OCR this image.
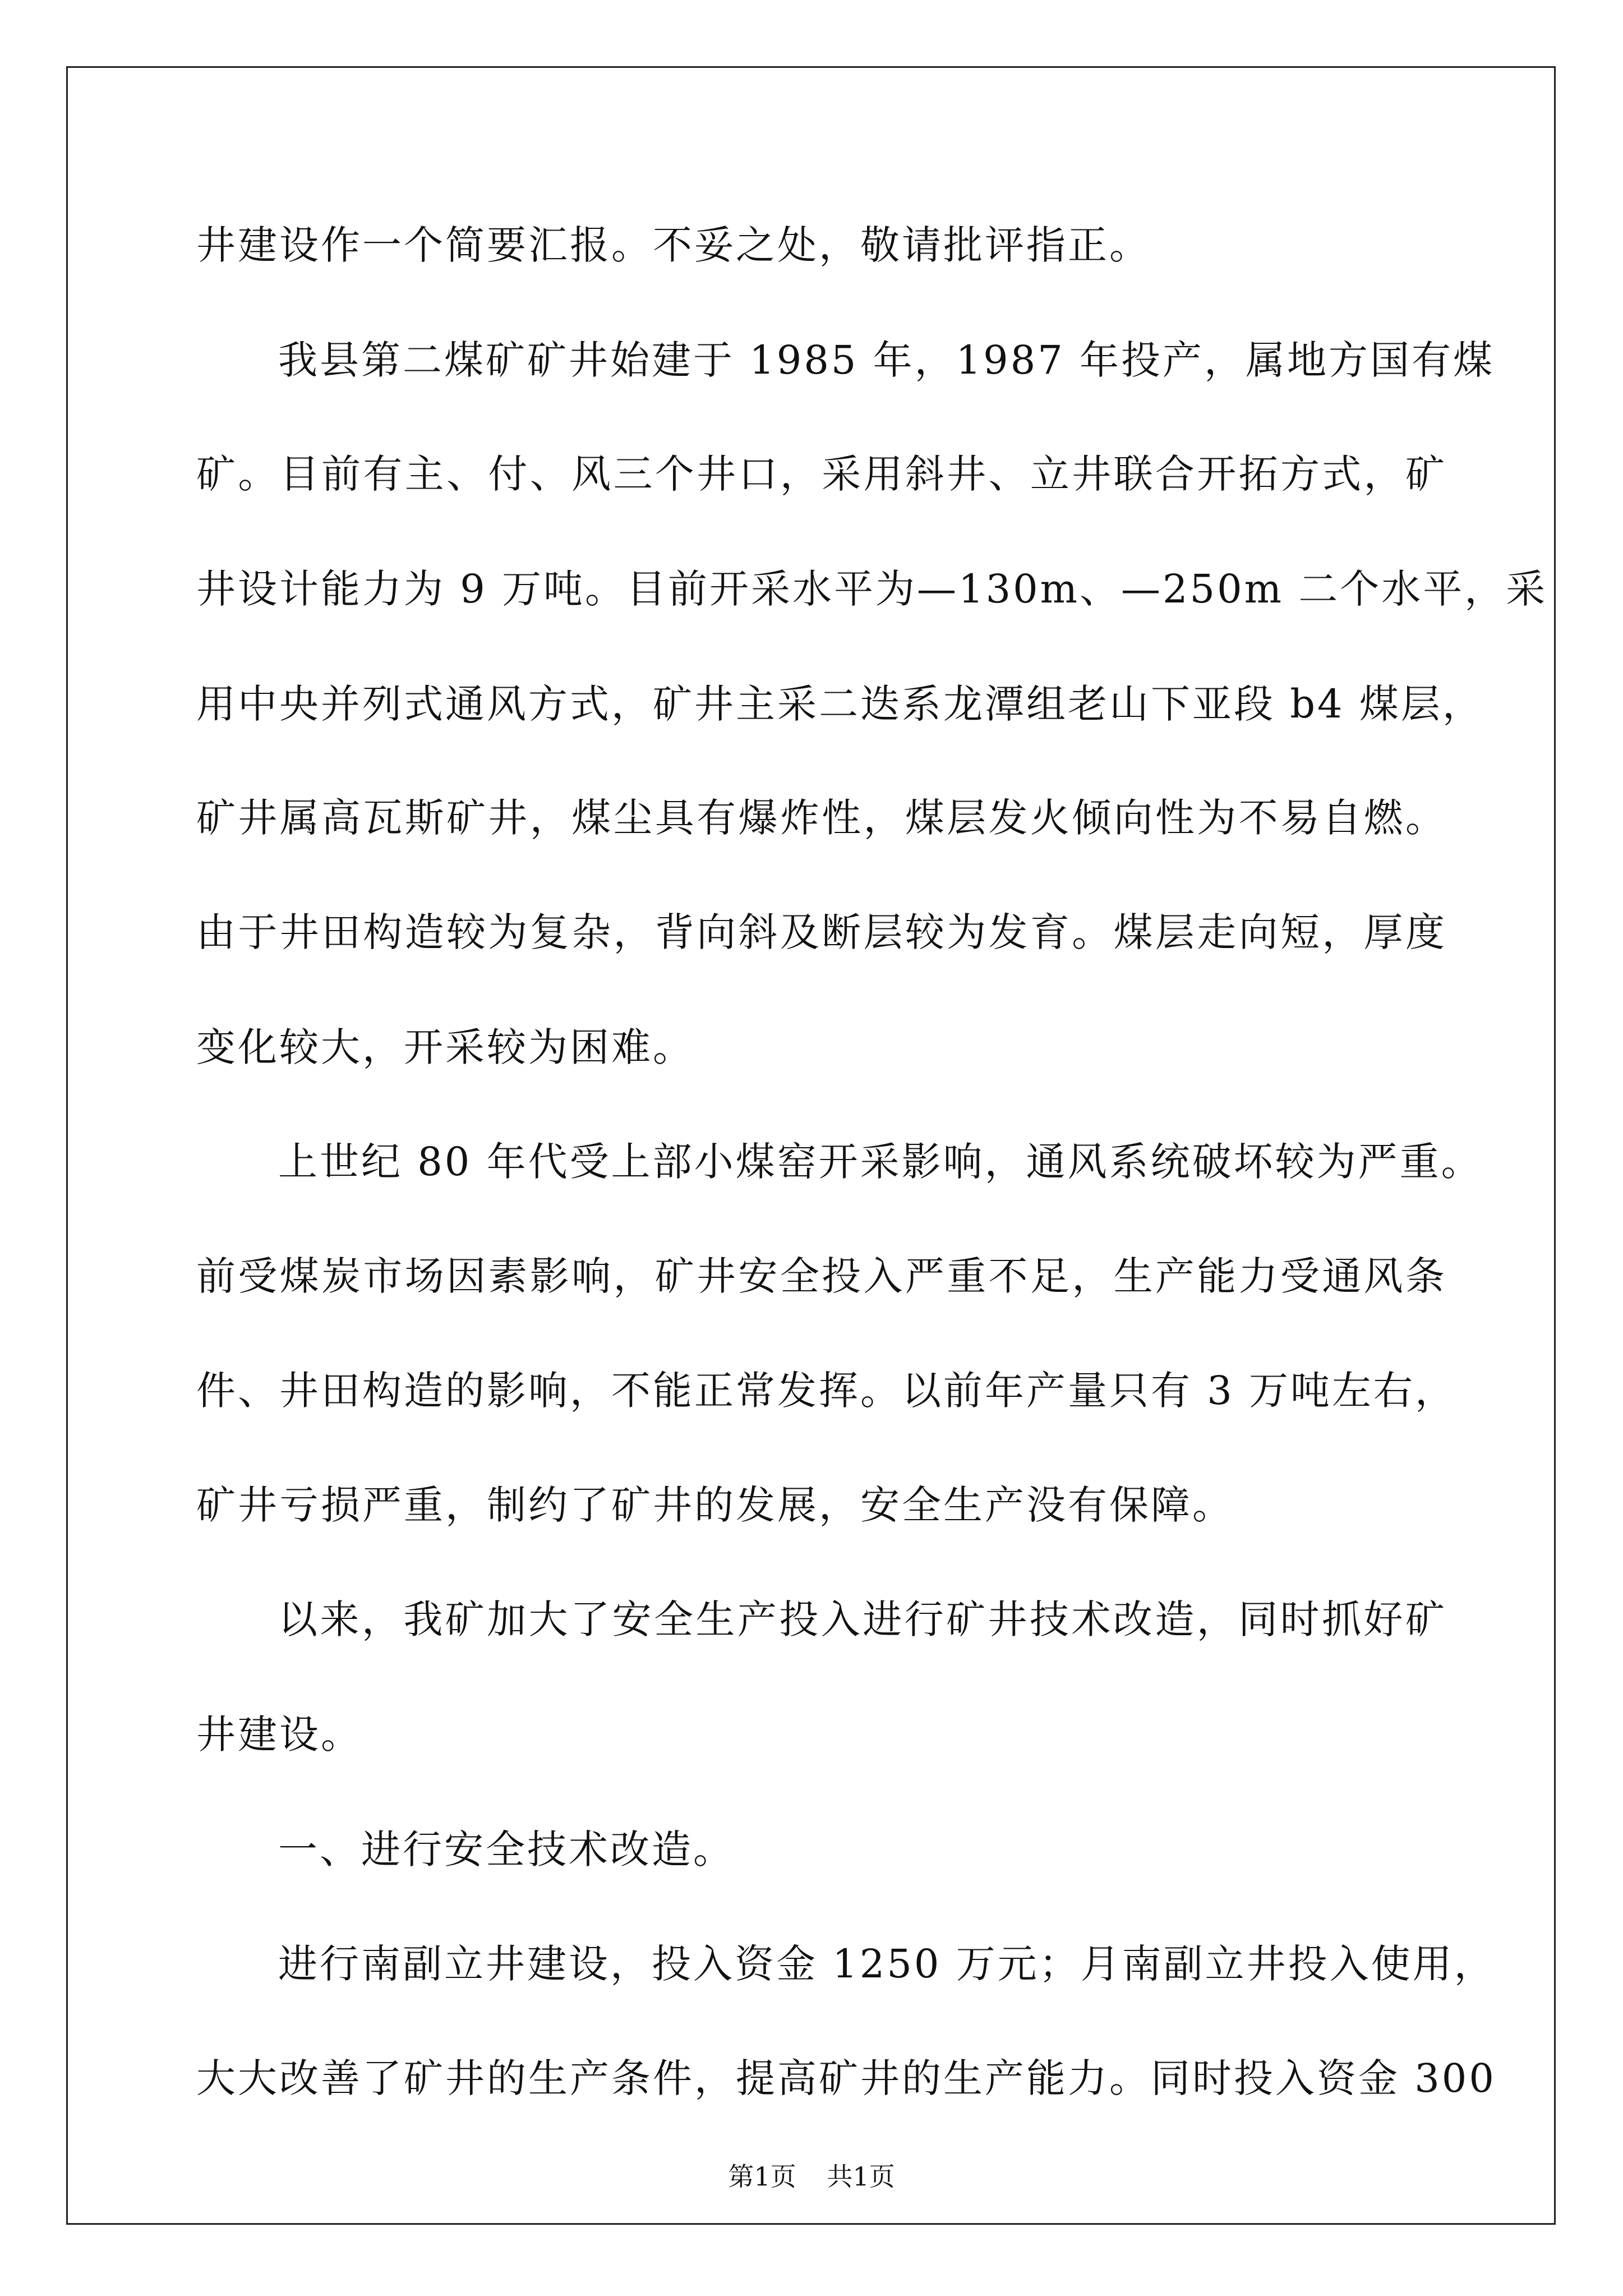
井建设作一个简要汇报。不妥之处，敬请批评指正。
我县第二煤矿矿井始建于 1985 年，1987 年投产，属地方国有煤
矿。目前有主、付、风三个井口，采用斜井、立井联合开拓方式，矿
井设计能力为 9 万吨。目前开采水平为—130m、—250m 二个水平，采
用中央并列式通风方式，矿井主采二迭系龙潭组老山下亚段 b4 煤层，
矿井属高瓦斯矿井，煤尘具有爆炸性，煤层发火倾向性为不易自燃。
由于井田构造较为复杂，背向斜及断层较为发育。煤层走向短，厚度
变化较大，开采较为困难。
上世纪 80 年代受上部小煤窑开采影响，通风系统破坏较为严重。
前受煤炭市场因素影响，矿井安全投入严重不足，生产能力受通风条
件、井田构造的影响，不能正常发挥。以前年产量只有 3 万吨左右，
矿井亏损严重，制约了矿井的发展，安全生产没有保障。
以来，我矿加大了安全生产投入进行矿井技术改造，同时抓好矿
井建设。
一、进行安全技术改造。
进行南副立井建设，投入资金 1250 万元；月南副立井投入使用，
大大改善了矿井的生产条件，提高矿井的生产能力。同时投入资金 300
第1页 共1页
